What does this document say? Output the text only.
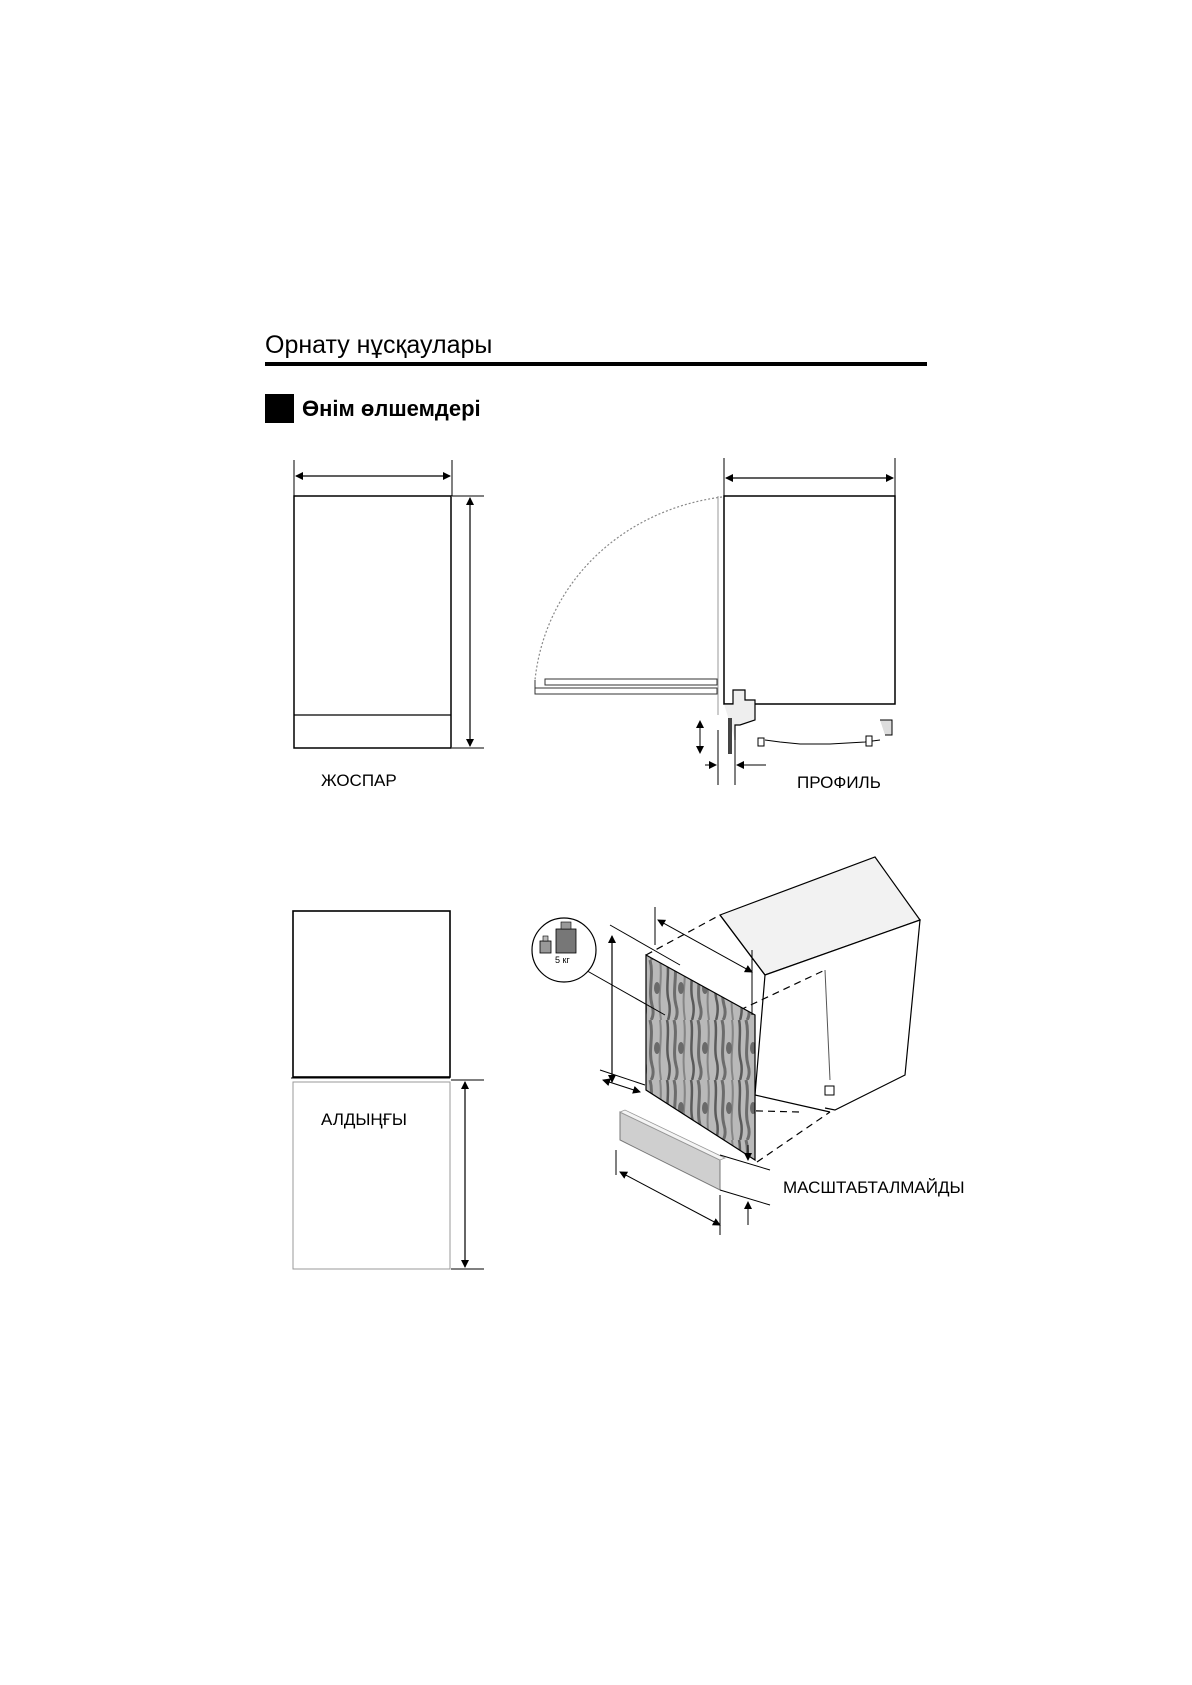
Орнату нұсқаулары
Өнім өлшемдері
ЖОСПАР	ПРОФИЛЬ
АЛДЫҢҒЫ
МАСШТАБТАЛМАЙДЫ
5 кг
